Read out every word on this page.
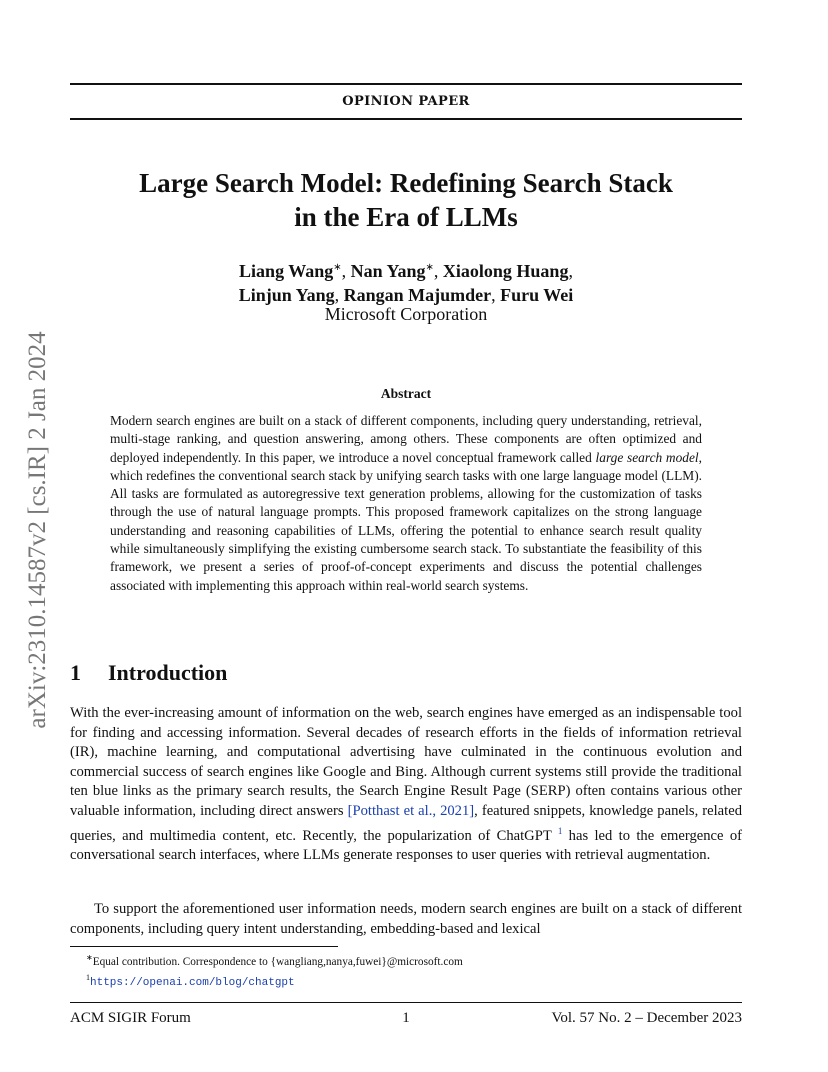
OPINION PAPER
arXiv:2310.14587v2 [cs.IR] 2 Jan 2024
Large Search Model: Redefining Search Stack
in the Era of LLMs
Liang Wang∗, Nan Yang∗, Xiaolong Huang,
Linjun Yang, Rangan Majumder, Furu Wei
Microsoft Corporation
Abstract
Modern search engines are built on a stack of different components, including query understanding, retrieval, multi-stage ranking, and question answering, among others. These components are often optimized and deployed independently. In this paper, we introduce a novel conceptual framework called large search model, which redefines the conventional search stack by unifying search tasks with one large language model (LLM). All tasks are formulated as autoregressive text generation problems, allowing for the customization of tasks through the use of natural language prompts. This proposed framework capitalizes on the strong language understanding and reasoning capabilities of LLMs, offering the potential to enhance search result quality while simultaneously simplifying the existing cumbersome search stack. To substantiate the feasibility of this framework, we present a series of proof-of-concept experiments and discuss the potential challenges associated with implementing this approach within real-world search systems.
1 Introduction
With the ever-increasing amount of information on the web, search engines have emerged as an indispensable tool for finding and accessing information. Several decades of research efforts in the fields of information retrieval (IR), machine learning, and computational advertising have culminated in the continuous evolution and commercial success of search engines like Google and Bing. Although current systems still provide the traditional ten blue links as the primary search results, the Search Engine Result Page (SERP) often contains various other valuable information, including direct answers [Potthast et al., 2021], featured snippets, knowledge panels, related queries, and multimedia content, etc. Recently, the popularization of ChatGPT $^1$ has led to the emergence of conversational search interfaces, where LLMs generate responses to user queries with retrieval augmentation.
To support the aforementioned user information needs, modern search engines are built on a stack of different components, including query intent understanding, embedding-based and lexical
∗Equal contribution. Correspondence to {wangliang,nanya,fuwei}@microsoft.com
$^1$https://openai.com/blog/chatgpt
ACM SIGIR Forum	1	Vol. 57 No. 2 – December 2023
